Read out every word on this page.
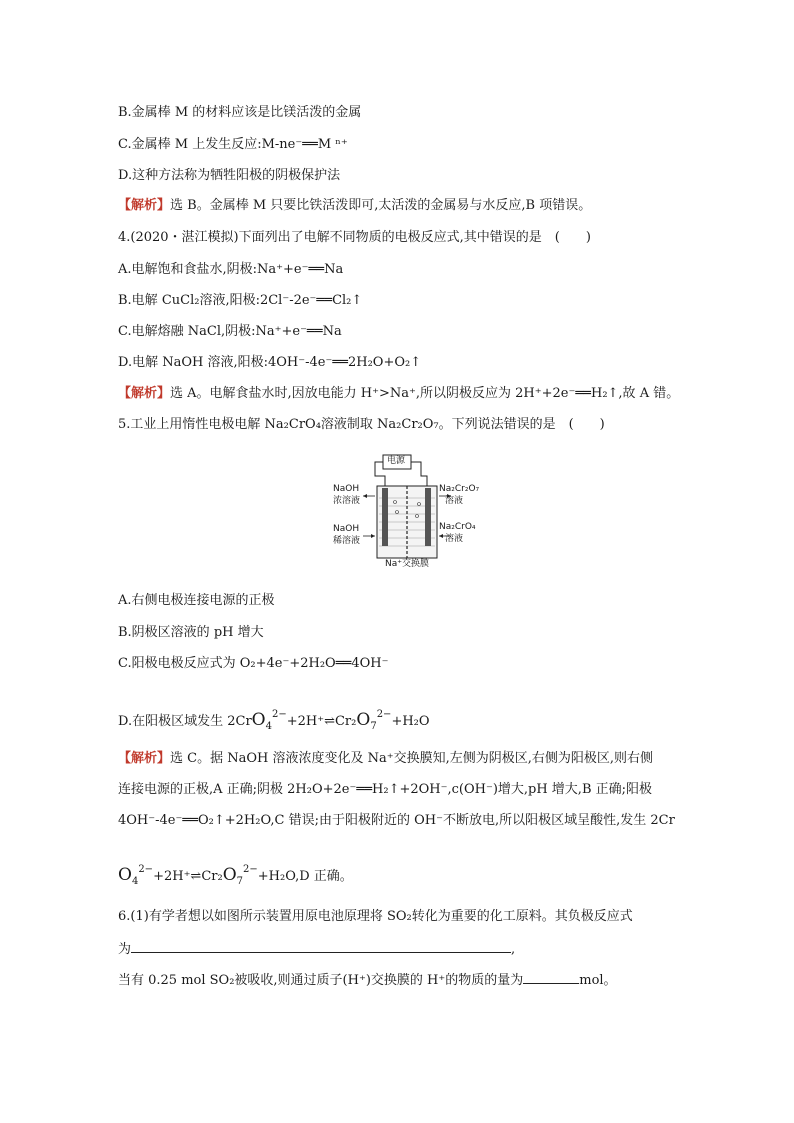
B.金属棒 M 的材料应该是比镁活泼的金属
C.金属棒 M 上发生反应:M-ne⁻══M ⁿ⁺
D.这种方法称为牺牲阳极的阴极保护法
【解析】选 B。金属棒 M 只要比铁活泼即可,太活泼的金属易与水反应,B 项错误。
4.(2020・湛江模拟)下面列出了电解不同物质的电极反应式,其中错误的是　(　　)
A.电解饱和食盐水,阴极:Na⁺+e⁻══Na
B.电解 CuCl₂溶液,阳极:2Cl⁻-2e⁻══Cl₂↑
C.电解熔融 NaCl,阴极:Na⁺+e⁻══Na
D.电解 NaOH 溶液,阳极:4OH⁻-4e⁻══2H₂O+O₂↑
【解析】选 A。电解食盐水时,因放电能力 H⁺>Na⁺,所以阴极反应为 2H⁺+2e⁻══H₂↑,故 A 错。
5.工业上用惰性电极电解 Na₂CrO₄溶液制取 Na₂Cr₂O₇。下列说法错误的是　(　　)
电源
NaOH
浓溶液
NaOH
稀溶液
Na₂Cr₂O₇
溶液
Na₂CrO₄
溶液
Na⁺交换膜
A.右侧电极连接电源的正极
B.阴极区溶液的 pH 增大
C.阳极电极反应式为 O₂+4e⁻+2H₂O══4OH⁻
D.在阳极区域发生 $2CrO_4^{2-}+2H^+\rightleftharpoons Cr_2O_7^{2-}+H_2O$
【解析】选 C。据 NaOH 溶液浓度变化及 Na⁺交换膜知,左侧为阴极区,右侧为阳极区,则右侧
连接电源的正极,A 正确;阴极 2H₂O+2e⁻══H₂↑+2OH⁻,c(OH⁻)增大,pH 增大,B 正确;阳极
4OH⁻-4e⁻══O₂↑+2H₂O,C 错误;由于阳极附近的 OH⁻不断放电,所以阳极区域呈酸性,发生 2Cr
$O_4^{2-}+2H^+\rightleftharpoons Cr_2O_7^{2-}+H_2O,D$ 正确。
6.(1)有学者想以如图所示装置用原电池原理将 SO₂转化为重要的化工原料。其负极反应式
为	,
当有 0.25 mol SO₂被吸收,则通过质子(H⁺)交换膜的 H⁺的物质的量为	mol。
